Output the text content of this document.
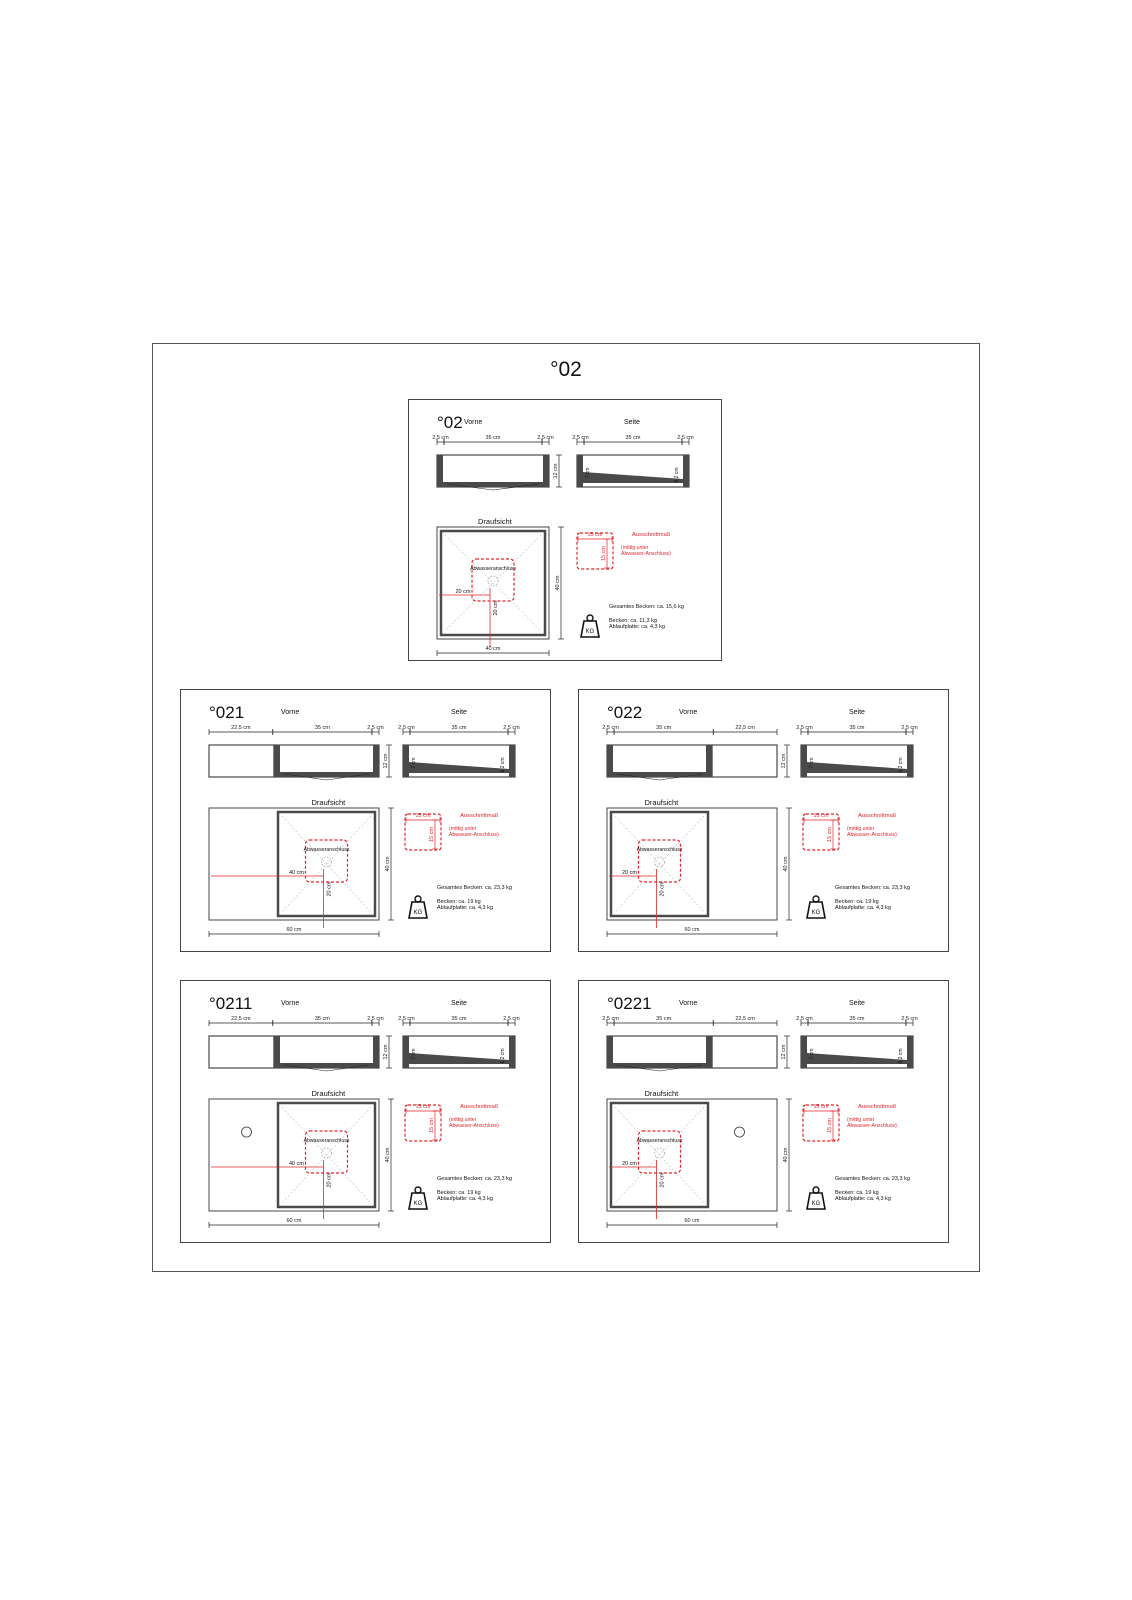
°02
°02 Vorne	Seite
2,5 cm	35 cm	2,5 cm
12 cm
2,5 cm	35 cm	2,5 cm
7 cm	6,2 cm
Draufsicht
Abwasseranschluss
20 cm
20 cm
40 cm
40 cm
15 cm
15 cm
Ausschnittmaß
(mittig unter
Abwasser-Anschluss)
KG
Gesamtes Becken: ca. 15,6 kg
Becken: ca. 11,3 kg
Ablaufplatte: ca. 4,3 kg
°021	Vorne	Seite
22,5 cm	35 cm	2,5 cm
12 cm
2,5 cm	35 cm	2,5 cm
7 cm	6,2 cm
Draufsicht
Abwasseranschluss
40 cm
20 cm
60 cm
40 cm
15 cm
15 cm
Ausschnittmaß
(mittig unter
Abwasser-Anschluss)
KG
Gesamtes Becken: ca. 23,3 kg
Becken: ca. 19 kg
Ablaufplatte: ca. 4,3 kg
°022	Vorne	Seite
2,5 cm	35 cm	22,5 cm
12 cm
2,5 cm	35 cm	2,5 cm
7 cm	6,2 cm
Draufsicht
Abwasseranschluss
20 cm
20 cm
60 cm
40 cm
15 cm
15 cm
Ausschnittmaß
(mittig unter
Abwasser-Anschluss)
KG
Gesamtes Becken: ca. 23,3 kg
Becken: ca. 19 kg
Ablaufplatte: ca. 4,3 kg
°0211	Vorne	Seite
22,5 cm	35 cm	2,5 cm
12 cm
2,5 cm	35 cm	2,5 cm
7 cm	6,2 cm
Draufsicht
Abwasseranschluss
40 cm
20 cm
60 cm
40 cm
15 cm
15 cm
Ausschnittmaß
(mittig unter
Abwasser-Anschluss)
KG
Gesamtes Becken: ca. 23,3 kg
Becken: ca. 19 kg
Ablaufplatte: ca. 4,3 kg
°0221	Vorne	Seite
2,5 cm	35 cm	22,5 cm
12 cm
2,5 cm	35 cm	2,5 cm
7 cm	6,2 cm
Draufsicht
Abwasseranschluss
20 cm
20 cm
60 cm
40 cm
15 cm
15 cm
Ausschnittmaß
(mittig unter
Abwasser-Anschluss)
KG
Gesamtes Becken: ca. 23,3 kg
Becken: ca. 19 kg
Ablaufplatte: ca. 4,3 kg
